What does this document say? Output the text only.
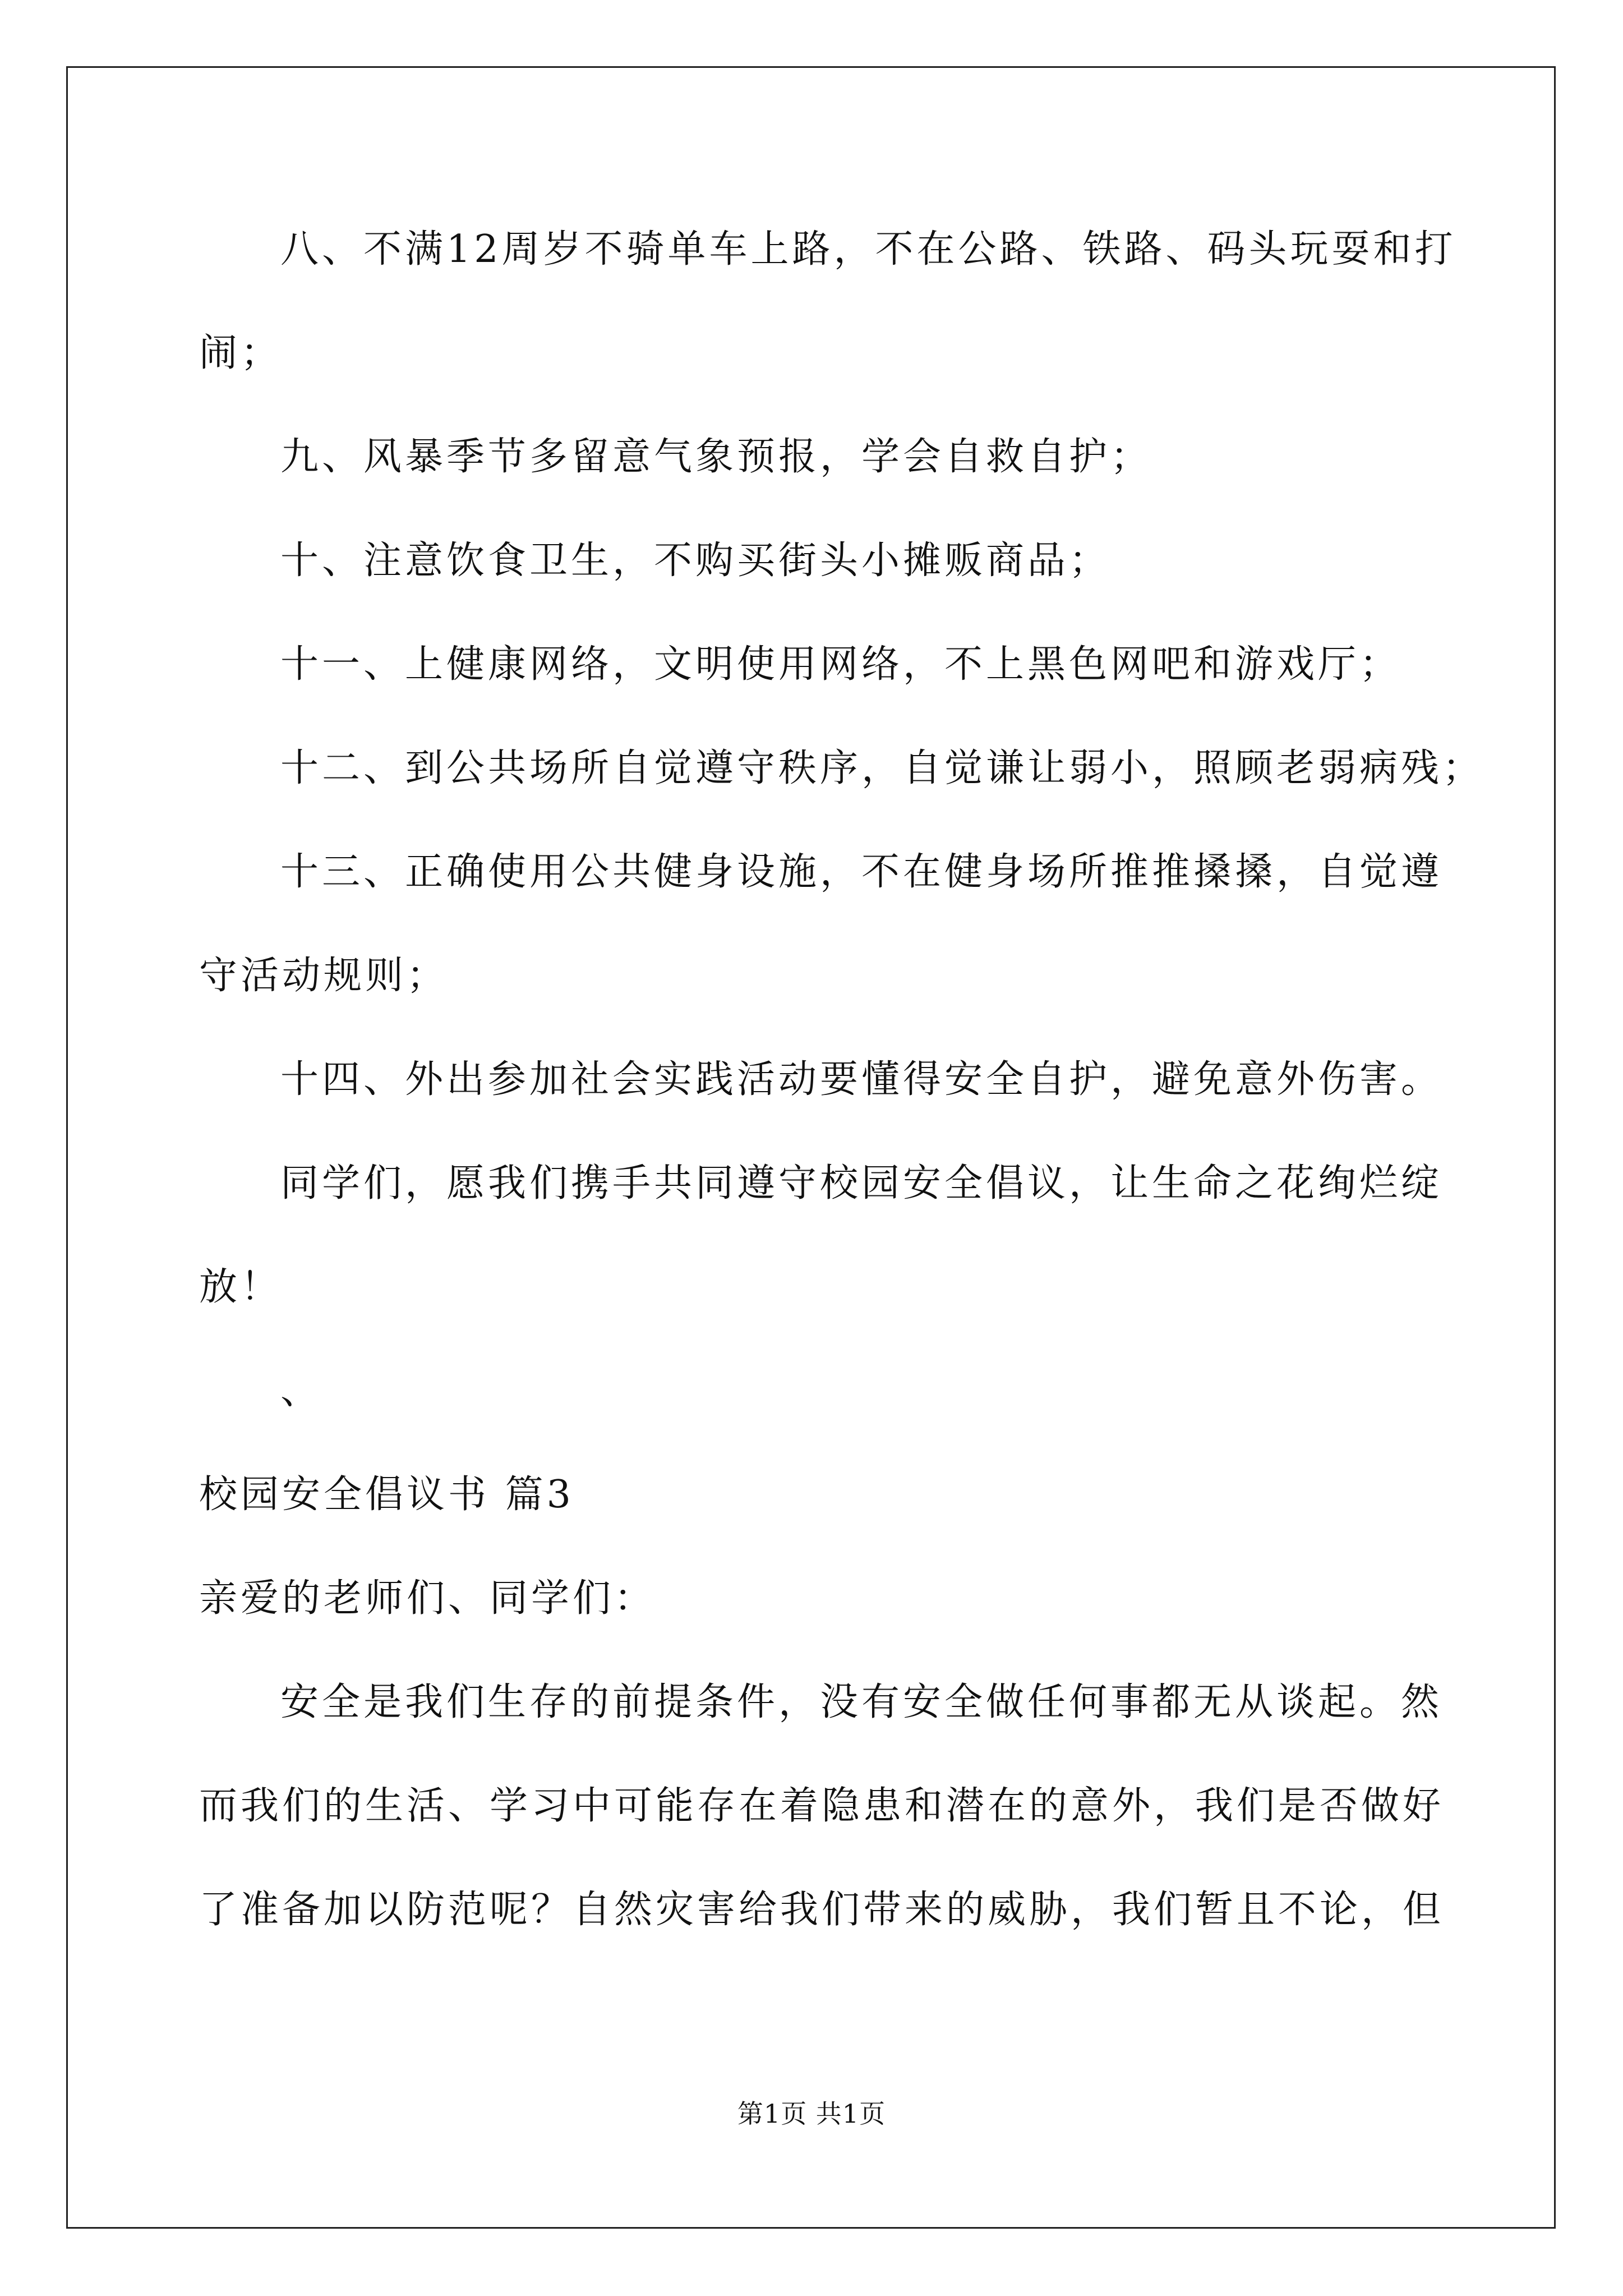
八、不满12周岁不骑单车上路，不在公路、铁路、码头玩耍和打
闹；
九、风暴季节多留意气象预报，学会自救自护；
十、注意饮食卫生，不购买街头小摊贩商品；
十一、上健康网络，文明使用网络，不上黑色网吧和游戏厅；
十二、到公共场所自觉遵守秩序，自觉谦让弱小，照顾老弱病残；
十三、正确使用公共健身设施，不在健身场所推推搡搡，自觉遵
守活动规则；
十四、外出参加社会实践活动要懂得安全自护，避免意外伤害。
同学们，愿我们携手共同遵守校园安全倡议，让生命之花绚烂绽
放！
、
校园安全倡议书 篇3
亲爱的老师们、同学们：
安全是我们生存的前提条件，没有安全做任何事都无从谈起。然
而我们的生活、学习中可能存在着隐患和潜在的意外，我们是否做好
了准备加以防范呢？自然灾害给我们带来的威胁，我们暂且不论，但
第1页 共1页
